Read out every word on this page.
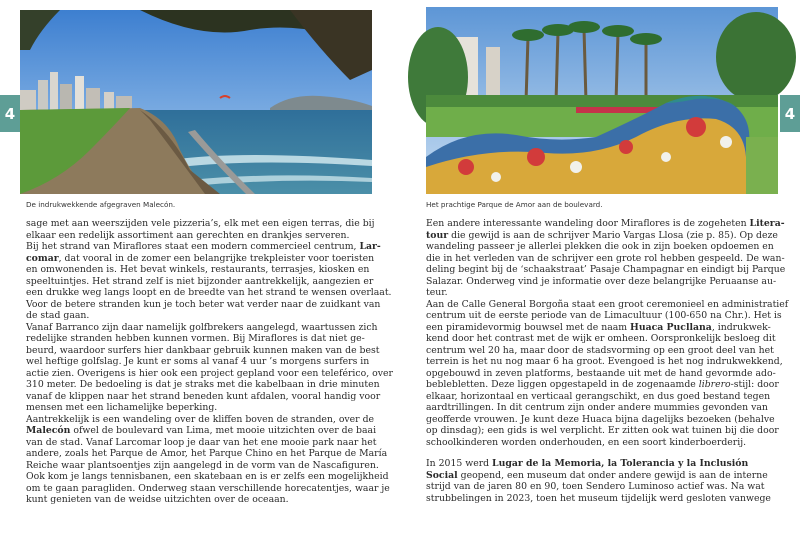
4
De indrukwekkende afgegraven Malecón.
sage met aan weerszijden vele pizzeria’s, elk met een eigen terras, die bij
elkaar een redelijk assortiment aan gerechten en drankjes serveren.
Bij het strand van Miraflores staat een modern commercieel centrum, Lar-
comar, dat vooral in de zomer een belangrijke trekpleister voor toeristen
en omwonenden is. Het bevat winkels, restaurants, terrasjes, kiosken en
speeltuintjes. Het strand zelf is niet bijzonder aantrekkelijk, aangezien er
een drukke weg langs loopt en de breedte van het strand te wensen overlaat.
Voor de betere stranden kun je toch beter wat verder naar de zuidkant van
de stad gaan.
Vanaf Barranco zijn daar namelijk golfbrekers aangelegd, waartussen zich
redelijke stranden hebben kunnen vormen. Bij Miraflores is dat niet ge-
beurd, waardoor surfers hier dankbaar gebruik kunnen maken van de best
wel heftige golfslag. Je kunt er soms al vanaf 4 uur ’s morgens surfers in
actie zien. Overigens is hier ook een project gepland voor een teleférico, over
310 meter. De bedoeling is dat je straks met die kabelbaan in drie minuten
vanaf de klippen naar het strand beneden kunt afdalen, vooral handig voor
mensen met een lichamelijke beperking.
Aantrekkelijk is een wandeling over de kliffen boven de stranden, over de
Malecón ofwel de boulevard van Lima, met mooie uitzichten over de baai
van de stad. Vanaf Larcomar loop je daar van het ene mooie park naar het
andere, zoals het Parque de Amor, het Parque Chino en het Parque de María
Reiche waar plantsoentjes zijn aangelegd in de vorm van de Nascafiguren.
Ook kom je langs tennisbanen, een skatebaan en is er zelfs een mogelijkheid
om te gaan paragliden. Onderweg staan verschillende horecatentjes, waar je
kunt genieten van de weidse uitzichten over de oceaan.
4
Het prachtige Parque de Amor aan de boulevard.
Een andere interessante wandeling door Miraflores is de zogeheten Litera-
tour die gewijd is aan de schrijver Mario Vargas Llosa (zie p. 85). Op deze
wandeling passeer je allerlei plekken die ook in zijn boeken opdoemen en
die in het verleden van de schrijver een grote rol hebben gespeeld. De wan-
deling begint bij de ‘schaakstraat’ Pasaje Champagnar en eindigt bij Parque
Salazar. Onderweg vind je informatie over deze belangrijke Peruaanse au-
teur.
Aan de Calle General Borgoña staat een groot ceremonieel en administratief
centrum uit de eerste periode van de Limacultuur (100-650 na Chr.). Het is
een piramidevormig bouwsel met de naam Huaca Pucllana, indrukwek-
kend door het contrast met de wijk er omheen. Oorspronkelijk besloeg dit
centrum wel 20 ha, maar door de stadsvorming op een groot deel van het
terrein is het nu nog maar 6 ha groot. Evengoed is het nog indrukwekkend,
opgebouwd in zeven platforms, bestaande uit met de hand gevormde ado-
beblebletten. Deze liggen opgestapeld in de zogenaamde librero-stijl: door
elkaar, horizontaal en verticaal gerangschikt, en dus goed bestand tegen
aardtrillingen. In dit centrum zijn onder andere mummies gevonden van
geofferde vrouwen. Je kunt deze Huaca bijna dagelijks bezoeken (behalve
op dinsdag); een gids is wel verplicht. Er zitten ook wat tuinen bij die door
schoolkinderen worden onderhouden, en een soort kinderboerderij.
In 2015 werd Lugar de la Memoria, la Tolerancia y la Inclusión
Social geopend, een museum dat onder andere gewijd is aan de interne
strijd van de jaren 80 en 90, toen Sendero Luminoso actief was. Na wat
strubbelingen in 2023, toen het museum tijdelijk werd gesloten vanwege
